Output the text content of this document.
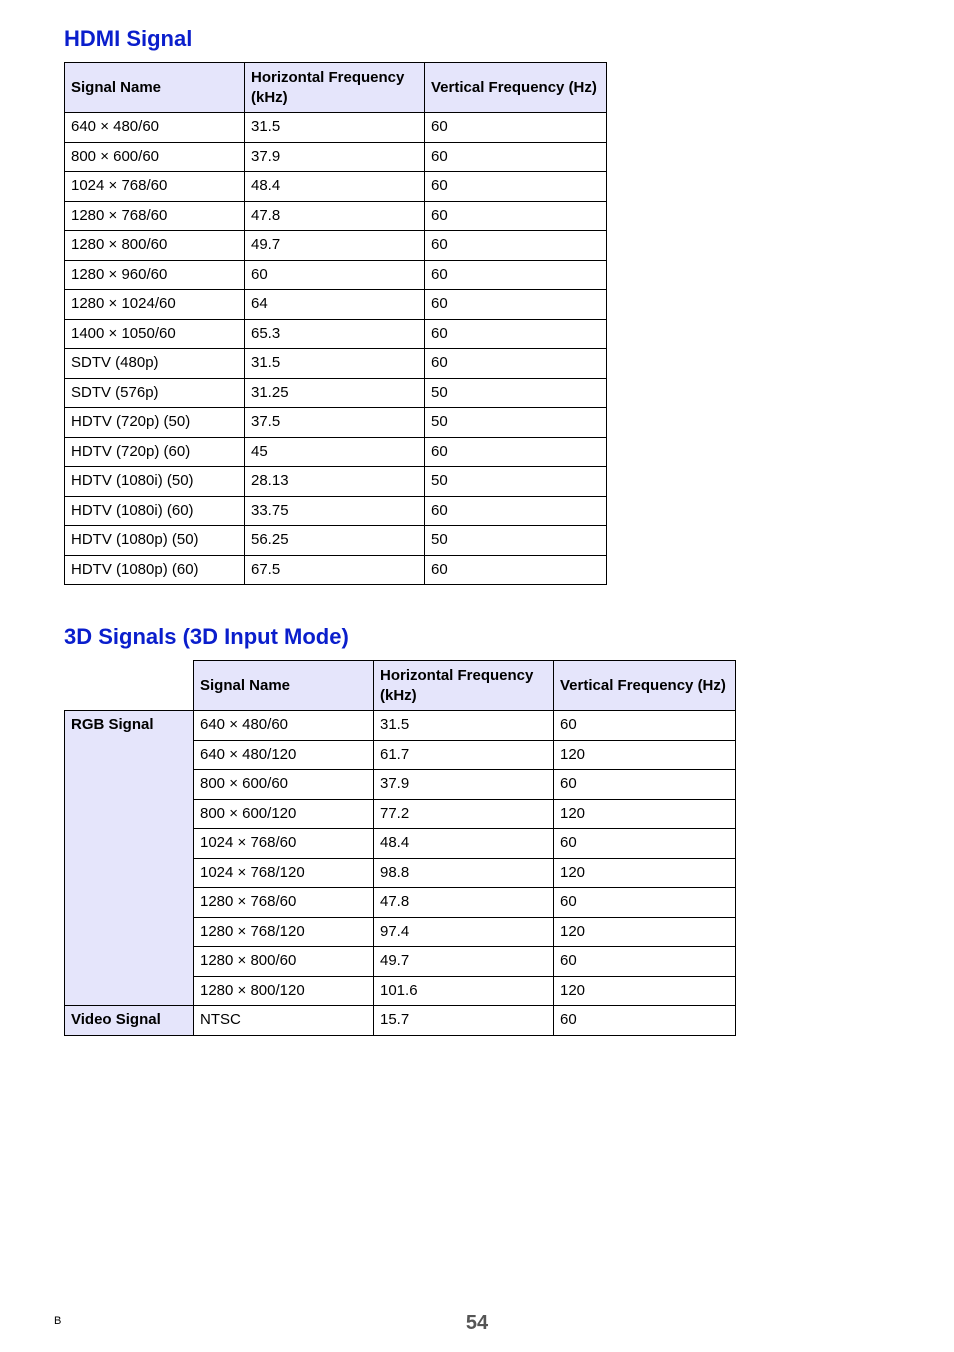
HDMI Signal
Signal Name	Horizontal Frequency (kHz)	Vertical Frequency (Hz)
640 × 480/60	31.5	60
800 × 600/60	37.9	60
1024 × 768/60	48.4	60
1280 × 768/60	47.8	60
1280 × 800/60	49.7	60
1280 × 960/60	60	60
1280 × 1024/60	64	60
1400 × 1050/60	65.3	60
SDTV (480p)	31.5	60
SDTV (576p)	31.25	50
HDTV (720p) (50)	37.5	50
HDTV (720p) (60)	45	60
HDTV (1080i) (50)	28.13	50
HDTV (1080i) (60)	33.75	60
HDTV (1080p) (50)	56.25	50
HDTV (1080p) (60)	67.5	60
3D Signals (3D Input Mode)
	Signal Name	Horizontal Frequency (kHz)	Vertical Frequency (Hz)
RGB Signal	640 × 480/60	31.5	60
	640 × 480/120	61.7	120
	800 × 600/60	37.9	60
	800 × 600/120	77.2	120
	1024 × 768/60	48.4	60
	1024 × 768/120	98.8	120
	1280 × 768/60	47.8	60
	1280 × 768/120	97.4	120
	1280 × 800/60	49.7	60
	1280 × 800/120	101.6	120
Video Signal	NTSC	15.7	60
B	54
